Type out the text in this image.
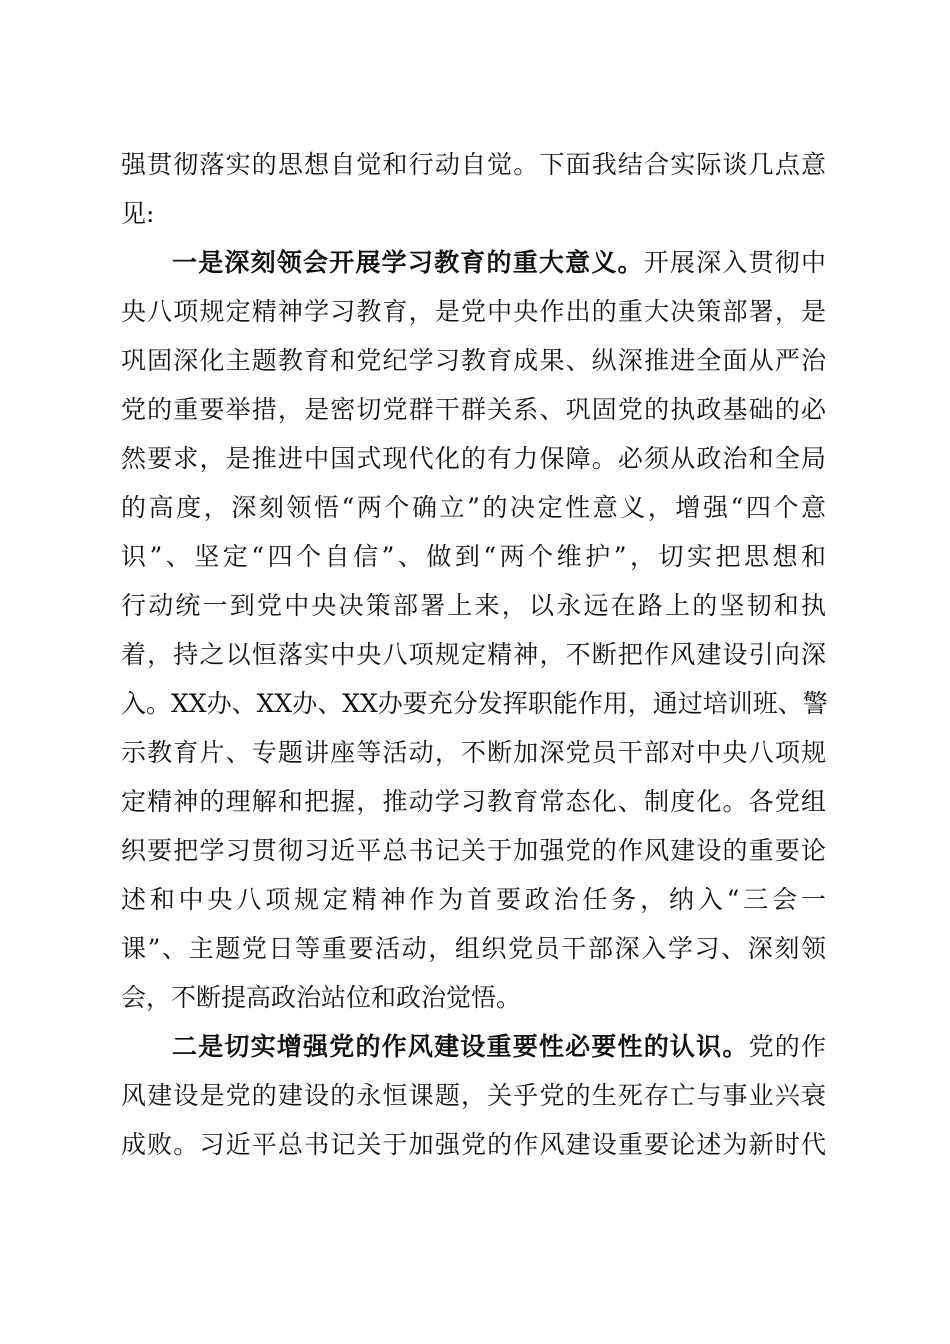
强贯彻落实的思想自觉和行动自觉。下面我结合实际谈几点意
见:
一是深刻领会开展学习教育的重大意义。开展深入贯彻中
央八项规定精神学习教育，是党中央作出的重大决策部署，是
巩固深化主题教育和党纪学习教育成果、纵深推进全面从严治
党的重要举措，是密切党群干群关系、巩固党的执政基础的必
然要求，是推进中国式现代化的有力保障。必须从政治和全局
的高度，深刻领悟“两个确立”的决定性意义，增强“四个意
识”、坚定“四个自信”、做到“两个维护”，切实把思想和
行动统一到党中央决策部署上来，以永远在路上的坚韧和执
着，持之以恒落实中央八项规定精神，不断把作风建设引向深
入。XX办、XX办、XX办要充分发挥职能作用，通过培训班、警
示教育片、专题讲座等活动，不断加深党员干部对中央八项规
定精神的理解和把握，推动学习教育常态化、制度化。各党组
织要把学习贯彻习近平总书记关于加强党的作风建设的重要论
述和中央八项规定精神作为首要政治任务，纳入“三会一
课”、主题党日等重要活动，组织党员干部深入学习、深刻领
会，不断提高政治站位和政治觉悟。
二是切实增强党的作风建设重要性必要性的认识。党的作
风建设是党的建设的永恒课题，关乎党的生死存亡与事业兴衰
成败。习近平总书记关于加强党的作风建设重要论述为新时代
